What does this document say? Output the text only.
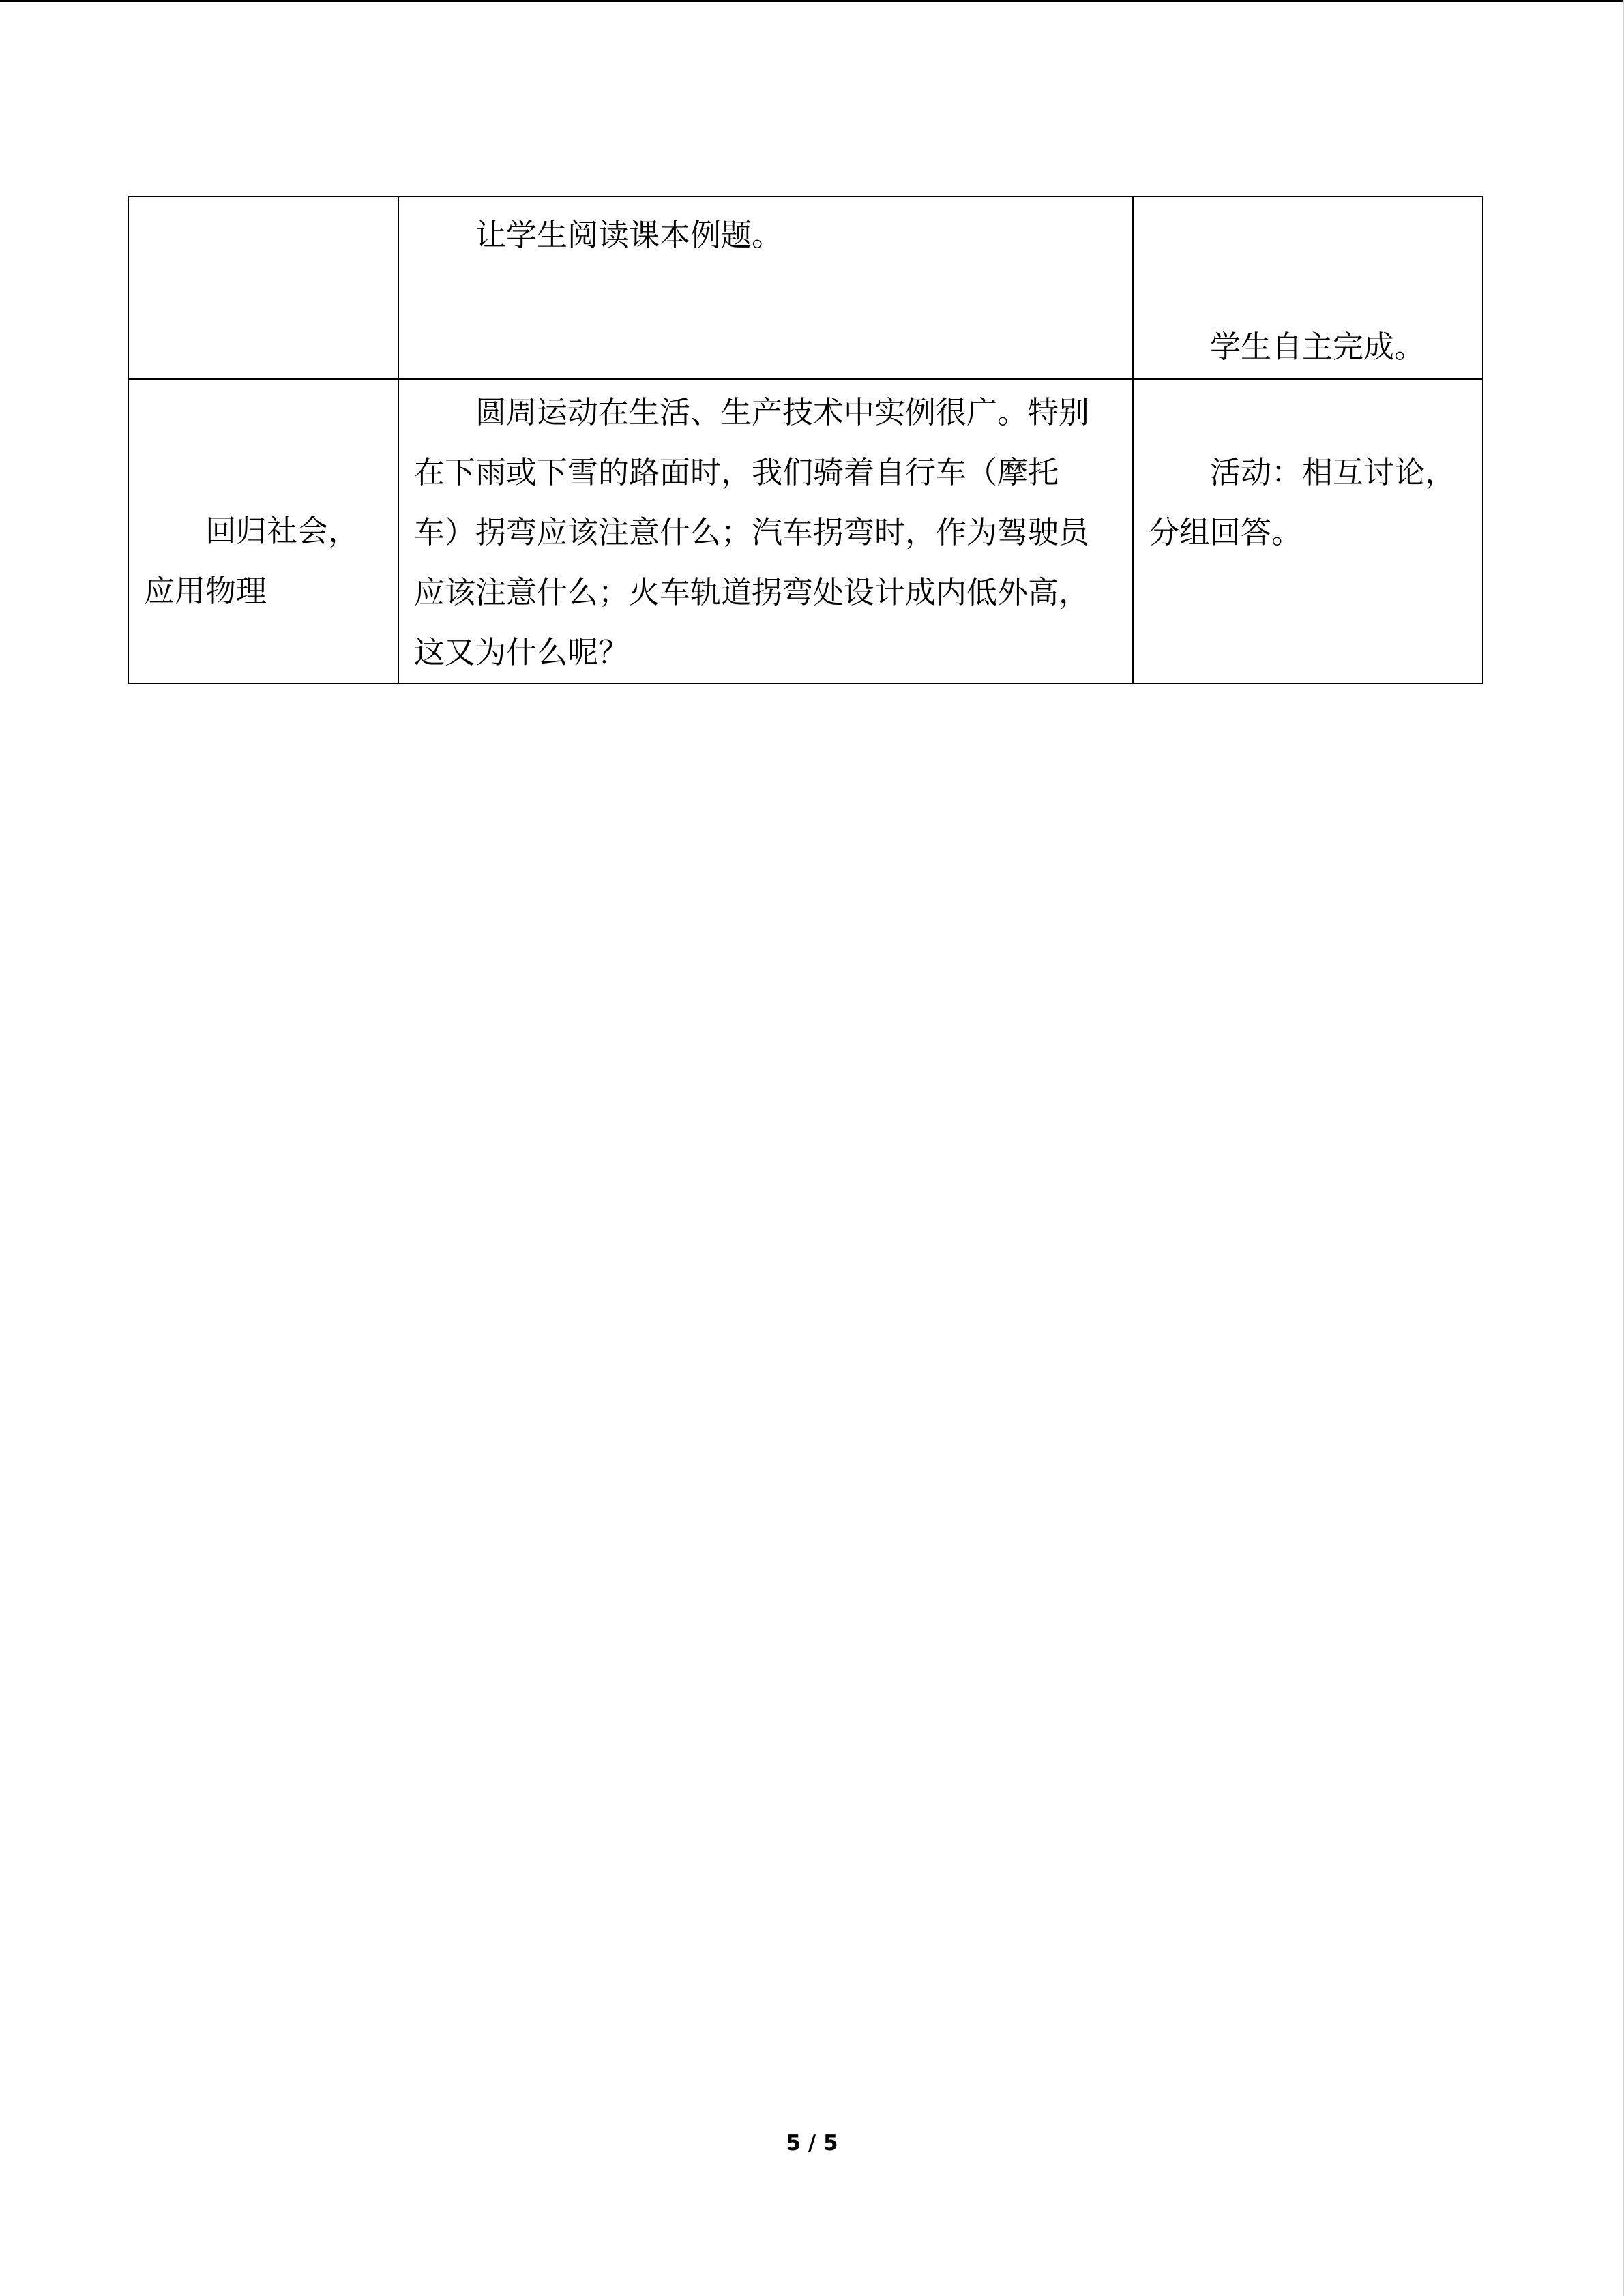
	让学生阅读课本例题。	学生自主完成。

回归社会，应用物理	圆周运动在生活、生产技术中实例很广。特别在下雨或下雪的路面时，我们骑着自行车（摩托车）拐弯应该注意什么；汽车拐弯时，作为驾驶员应该注意什么；火车轨道拐弯处设计成内低外高，这又为什么呢？	活动：相互讨论，分组回答。

5 / 5
